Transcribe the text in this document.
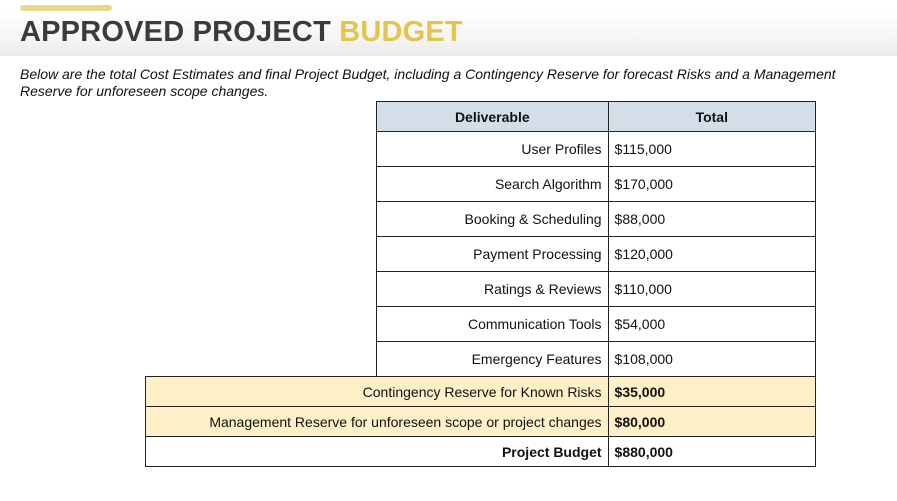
APPROVED PROJECT BUDGET

Below are the total Cost Estimates and final Project Budget, including a Contingency Reserve for forecast Risks and a Management Reserve for unforeseen scope changes.

	Deliverable	Total
	User Profiles	$115,000
	Search Algorithm	$170,000
	Booking & Scheduling	$88,000
	Payment Processing	$120,000
	Ratings & Reviews	$110,000
	Communication Tools	$54,000
	Emergency Features	$108,000
Contingency Reserve for Known Risks		$35,000
Management Reserve for unforeseen scope or project changes		$80,000
Project Budget		$880,000
